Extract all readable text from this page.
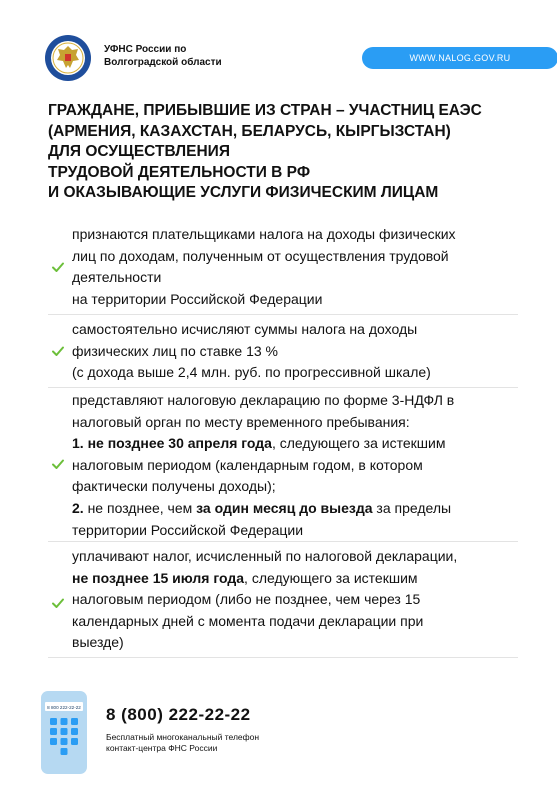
УФНС России по
Волгоградской области	WWW.NALOG.GOV.RU
ГРАЖДАНЕ, ПРИБЫВШИЕ ИЗ СТРАН – УЧАСТНИЦ ЕАЭС
(АРМЕНИЯ, КАЗАХСТАН, БЕЛАРУСЬ, КЫРГЫЗСТАН)
ДЛЯ ОСУЩЕСТВЛЕНИЯ
ТРУДОВОЙ ДЕЯТЕЛЬНОСТИ В РФ
И ОКАЗЫВАЮЩИЕ УСЛУГИ ФИЗИЧЕСКИМ ЛИЦАМ
признаются плательщиками налога на доходы физических
лиц по доходам, полученным от осуществления трудовой
деятельности
на территории Российской Федерации
самостоятельно исчисляют суммы налога на доходы
физических лиц по ставке 13 %
(с дохода выше 2,4 млн. руб. по прогрессивной шкале)
представляют налоговую декларацию по форме 3-НДФЛ в
налоговый орган по месту временного пребывания:
1. не позднее 30 апреля года, следующего за истекшим
налоговым периодом (календарным годом, в котором
фактически получены доходы);
2. не позднее, чем за один месяц до выезда за пределы
территории Российской Федерации
уплачивают налог, исчисленный по налоговой декларации,
не позднее 15 июля года, следующего за истекшим
налоговым периодом (либо не позднее, чем через 15
календарных дней с момента подачи декларации при
выезде)
8 800 222-22-22 8 (800) 222-22-22
Бесплатный многоканальный телефон
контакт-центра ФНС России
